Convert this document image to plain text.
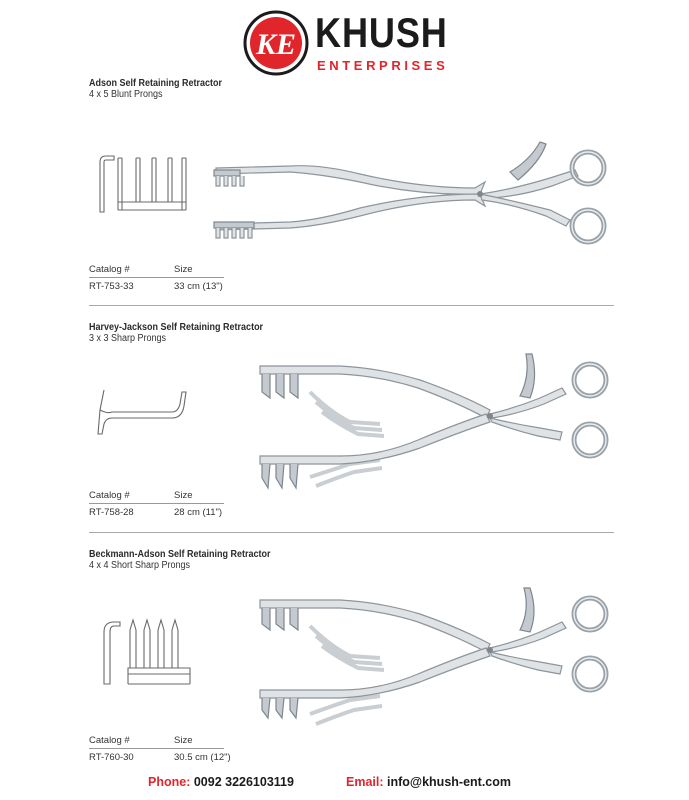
KE KHUSH
ENTERPRISES
Adson Self Retaining Retractor
4 x 5 Blunt Prongs
Catalog #	Size
RT-753-33	33 cm (13")
Harvey-Jackson Self Retaining Retractor
3 x 3 Sharp Prongs
Catalog #	Size
RT-758-28	28 cm (11")
Beckmann-Adson Self Retaining Retractor
4 x 4 Short Sharp Prongs
Catalog #	Size
RT-760-30	30.5 cm (12")
Phone: 0092 3226103119	Email: info@khush-ent.com
